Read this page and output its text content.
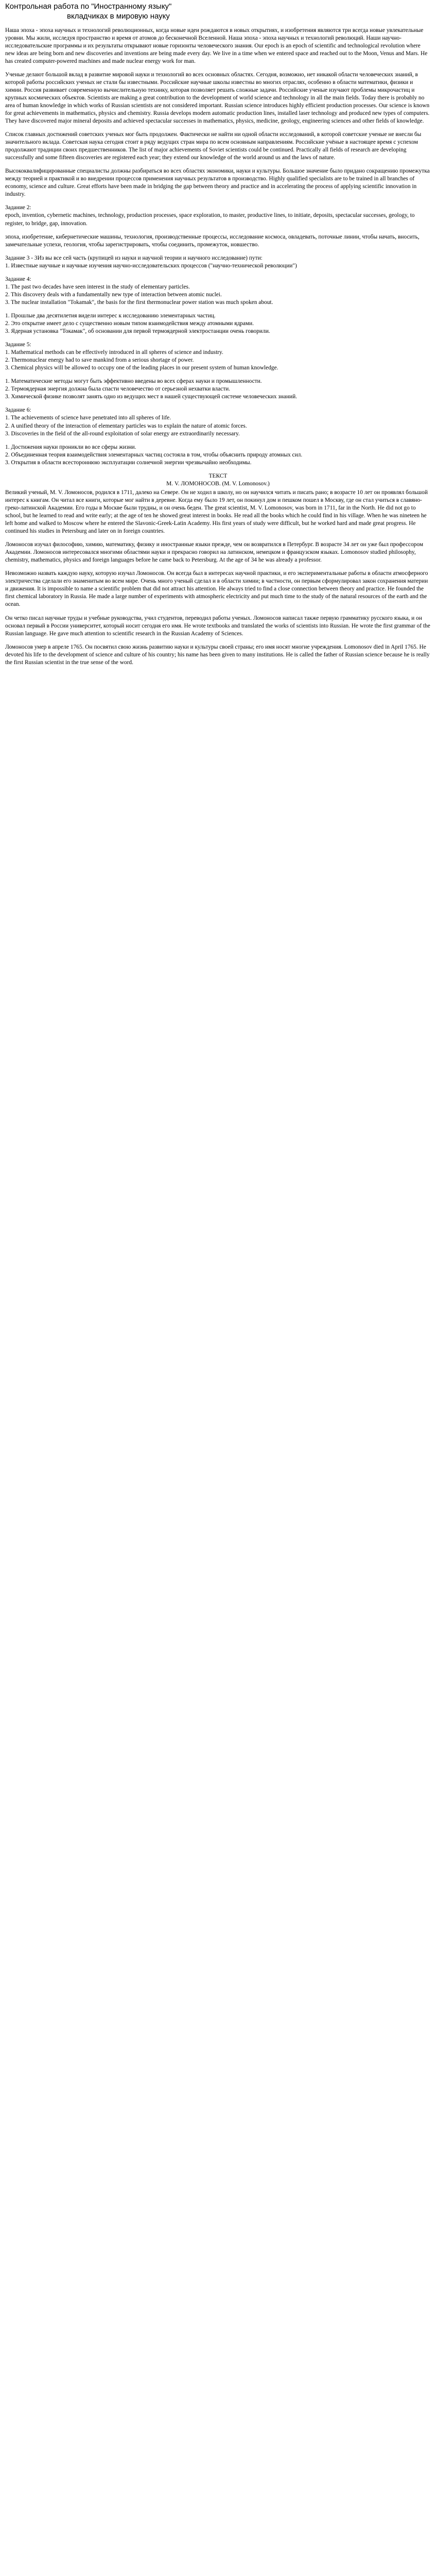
Контрольная работа по "Иностранному языку"
вкладчиках в мировую науку

Наша эпоха - эпоха научных и технологий революционных, когда новые идеи рождаются в новых открытиях, и изобретения являются три всегда новые увлекательные уровни. Мы жили, исследуя пространство и время от атомов до бесконечной Вселенной. Наша эпоха - эпоха научных и технологий революций. Наши научно-исследовательские программы и их результаты открывают новые горизонты человеческого знания. Our epoch is an epoch of scientific and technological revolution where new ideas are being born and new discoveries and inventions are being made every day. We live in a time when we entered space and reached out to the Moon, Venus and Mars. He has created computer-powered machines and made nuclear energy work for man.

Ученые делают большой вклад в развитие мировой науки и технологий во всех основных областях. Сегодня, возможно, нет никакой области человеческих знаний, в которой работы российских ученых не стали бы известными. Российские научные школы известны во многих отраслях, особенно в области математики, физики и химии. Россия развивает современную вычислительную технику, которая позволяет решать сложные задачи. Российские ученые изучают проблемы микрочастиц и крупных космических объектов. Scientists are making a great contribution to the development of world science and technology in all the main fields. Today there is probably no area of human knowledge in which works of Russian scientists are not considered important. Russian science introduces highly efficient production processes. Our science is known for great achievements in mathematics, physics and chemistry. Russia develops modern automatic production lines, installed laser technology and produced new types of computers. They have discovered major mineral deposits and achieved spectacular successes in mathematics, physics, medicine, geology, engineering sciences and other fields of knowledge.

Список главных достижений советских ученых мог быть продолжен. Фактически не найти ни одной области исследований, в которой советские ученые не внесли бы значительного вклада. Советская наука сегодня стоит в ряду ведущих стран мира по всем основным направлениям. Российские учёные в настоящее время с успехом продолжают традиции своих предшественников. The list of major achievements of Soviet scientists could be continued. Practically all fields of research are developing successfully and some fifteen discoveries are registered each year; they extend our knowledge of the world around us and the laws of nature.

Высококвалифицированные специалисты должны разбираться во всех областях экономики, науки и культуры. Большое значение было придано сокращению промежутка между теорией и практикой и во внедрении процессов применения научных результатов в производство. Highly qualified specialists are to be trained in all branches of economy, science and culture. Great efforts have been made in bridging the gap between theory and practice and in accelerating the process of applying scientific innovation in industry.

Задание 2:

epoch, invention, cybernetic machines, technology, production processes, space exploration, to master, productive lines, to initiate, deposits, spectacular successes, geology, to register, to bridge, gap, innovation.

эпоха, изобретение, кибернетические машины, технология, производственные процессы, исследование космоса, овладевать, поточные линии, чтобы начать, вносить, замечательные успехи, геология, чтобы зарегистрировать, чтобы соединить, промежуток, новшество.

Задание 3 - 3Из вы все сей часть (крупицей из науки и научной теории и научного исследование) пути:

1. Известные научные и научные изучения научно-исследовательских процессов ("научно-технической революции")

Задание 4:

1. The past two decades have seen interest in the study of elementary particles.

2. This discovery deals with a fundamentally new type of interaction between atomic nuclei.

3. The nuclear installation "Tokamak", the basis for the first thermonuclear power station was much spoken about.

1. Прошлые два десятилетия видели интерес к исследованию элементарных частиц.

2. Это открытие имеет дело с существенно новым типом взаимодействия между атомными ядрами.

3. Ядерная установка "Токамак", об основании для первой термоядерной электростанции очень говорили.

Задание 5:

1. Mathematical methods can be effectively introduced in all spheres of science and industry.

2. Thermonuclear energy had to save mankind from a serious shortage of power.

3. Chemical physics will be allowed to occupy one of the leading places in our present system of human knowledge.

1. Математические методы могут быть эффективно введены во всех сферах науки и промышленности.

2. Термоядерная энергия должна была спасти человечество от серьезной нехватки власти.

3. Химической физике позволят занять одно из ведущих мест в нашей существующей системе человеческих знаний.

Задание 6:

1. The achievements of science have penetrated into all spheres of life.

2. A unified theory of the interaction of elementary particles was to explain the nature of atomic forces.

3. Discoveries in the field of the all-round exploitation of solar energy are extraordinarily necessary.

1. Достижения науки проникли во все сферы жизни.

2. Объединенная теория взаимодействия элементарных частиц состояла в том, чтобы объяснить природу атомных сил.

3. Открытия в области всестороннюю эксплуатации солнечной энергии чрезвычайно необходимы.

ТЕКСТ

М. V. ЛОМОНОСОВ. (М. V. Lomonosov.)

Великий ученый, М. V. Ломоносов, родился в 1711, далеко на Севере. Он не ходил в школу, но он научился читать и писать рано; в возрасте 10 лет он проявлял большой интерес к книгам. Он читал все книги, которые мог найти в деревне. Когда ему было 19 лет, он покинул дом и пешком пошел в Москву, где он стал учиться в славяно-греко-латинской Академии. Его годы в Москве были трудны, и он очень беден. The great scientist, M. V. Lomonosov, was born in 1711, far in the North. He did not go to school, but he learned to read and write early; at the age of ten he showed great interest in books. He read all the books which he could find in his village. When he was nineteen he left home and walked to Moscow where he entered the Slavonic-Greek-Latin Academy. His first years of study were difficult, but he worked hard and made great progress. He continued his studies in Petersburg and later on in foreign countries.

Ломоносов изучал философию, химию, математику, физику и иностранные языки прежде, чем он возвратился в Петербург. В возрасте 34 лет он уже был профессором Академии. Ломоносов интересовался многими областями науки и прекрасно говорил на латинском, немецком и французском языках. Lomonosov studied philosophy, chemistry, mathematics, physics and foreign languages before he came back to Petersburg. At the age of 34 he was already a professor.

Невозможно назвать каждую науку, которую изучал Ломоносов. Он всегда был в интересах научной практики, и его экспериментальные работы в области атмосферного электричества сделали его знаменитым во всем мире. Очень много ученый сделал и в области химии; в частности, он первым сформулировал закон сохранения материи и движения. It is impossible to name a scientific problem that did not attract his attention. He always tried to find a close connection between theory and practice. He founded the first chemical laboratory in Russia. He made a large number of experiments with atmospheric electricity and put much time to the study of the natural resources of the earth and the ocean.

Он четко писал научные труды и учебные руководства, учил студентов, переводил работы ученых. Ломоносов написал также первую грамматику русского языка, и он основал первый в России университет, который носит сегодня его имя. He wrote textbooks and translated the works of scientists into Russian. He wrote the first grammar of the Russian language. He gave much attention to scientific research in the Russian Academy of Sciences.

Ломоносов умер в апреле 1765. Он посвятил свою жизнь развитию науки и культуры своей страны; его имя носят многие учреждения. Lomonosov died in April 1765. He devoted his life to the development of science and culture of his country; his name has been given to many institutions. He is called the father of Russian science because he is really the first Russian scientist in the true sense of the word.
